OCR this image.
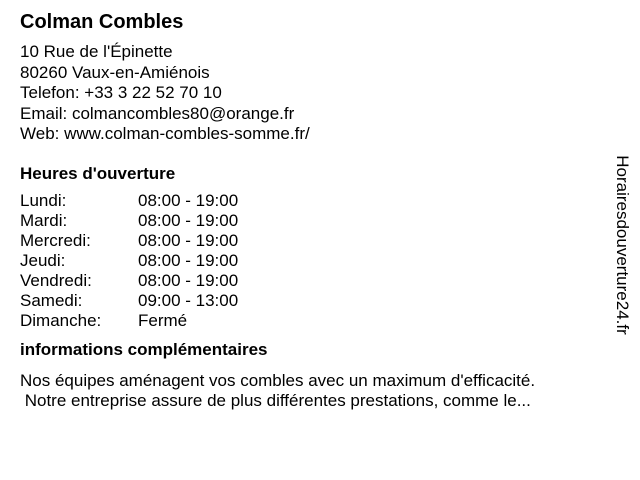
Colman Combles
10 Rue de l'Épinette
80260 Vaux-en-Amiénois
Telefon: +33 3 22 52 70 10
Email: colmancombles80@orange.fr
Web: www.colman-combles-somme.fr/
Heures d'ouverture
Lundi:	08:00 - 19:00
Mardi:	08:00 - 19:00
Mercredi:	08:00 - 19:00
Jeudi:	08:00 - 19:00
Vendredi:	08:00 - 19:00
Samedi:	09:00 - 13:00
Dimanche:	Fermé
informations complémentaires
Nos équipes aménagent vos combles avec un maximum d'efficacité.
Notre entreprise assure de plus différentes prestations, comme le...
Horairesdouverture24.fr
